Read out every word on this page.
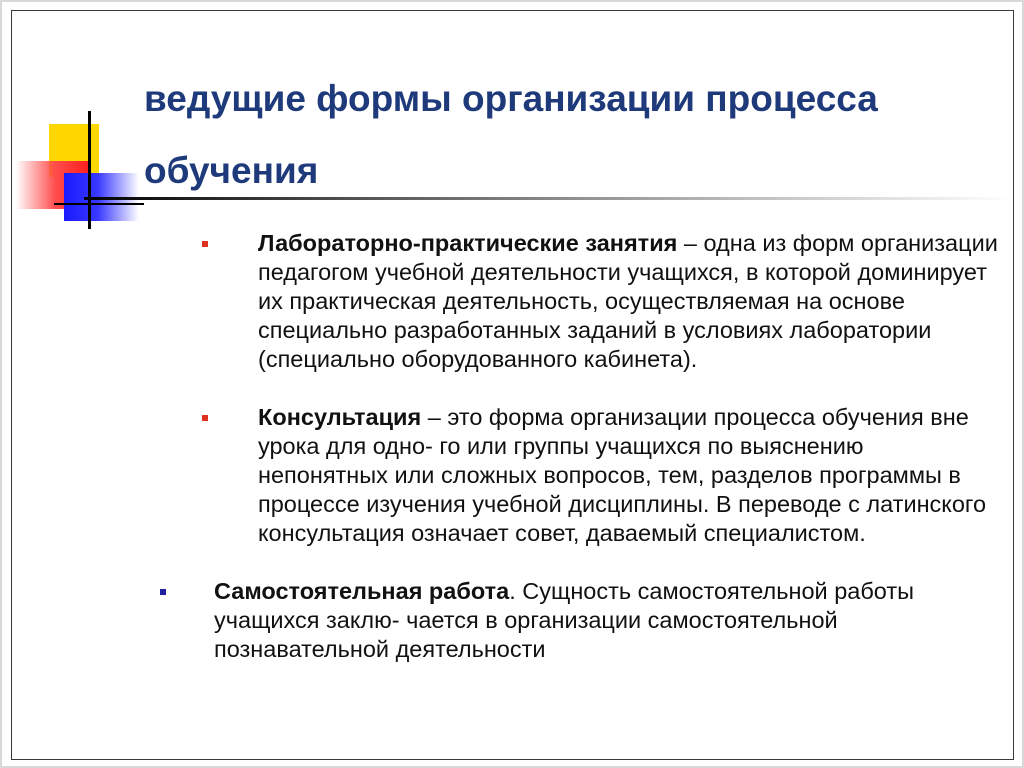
ведущие формы организации процесса обучения
Лабораторно-практические занятия – одна из форм организации педагогом учебной деятельности учащихся, в которой доминирует их практическая деятельность, осуществляемая на основе специально разработанных заданий в условиях лаборатории (специально оборудованного кабинета).
Консультация – это форма организации процесса обучения вне урока для одно- го или группы учащихся по выяснению непонятных или сложных вопросов, тем, разделов программы в процессе изучения учебной дисциплины. В переводе с латинского консультация означает совет, даваемый специалистом.
Самостоятельная работа. Сущность самостоятельной работы учащихся заклю- чается в организации самостоятельной познавательной деятельности
